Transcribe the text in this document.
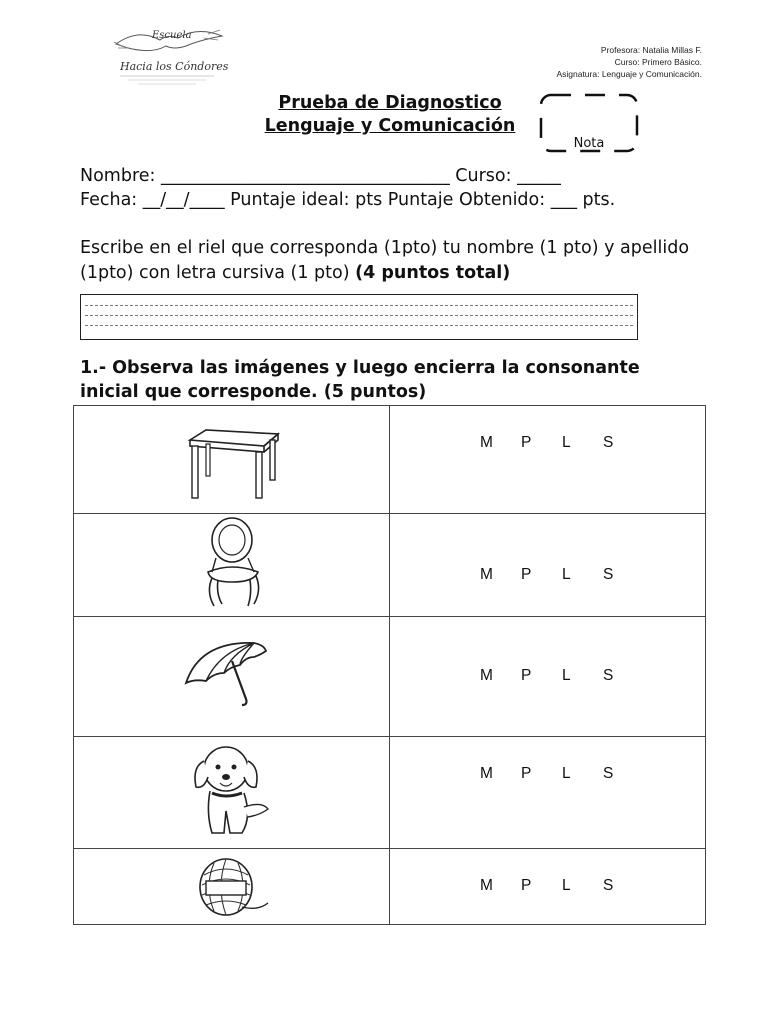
Escuela
Hacia los Cóndores
Profesora: Natalia Millas F.
Curso: Primero Básico.
Asignatura: Lenguaje y Comunicación.
Prueba de Diagnostico
Lenguaje y Comunicación
Nota
Nombre: _________________________________ Curso: _____
Fecha: __/__/____ Puntaje ideal: pts Puntaje Obtenido: ___ pts.
Escribe en el riel que corresponda (1pto) tu nombre (1 pto) y apellido (1pto) con letra cursiva (1 pto) (4 puntos total)
1.- Observa las imágenes y luego encierra la consonante inicial que corresponde. (5 puntos)

M P L S

M P L S

M P L S

M P L S

M P L S
